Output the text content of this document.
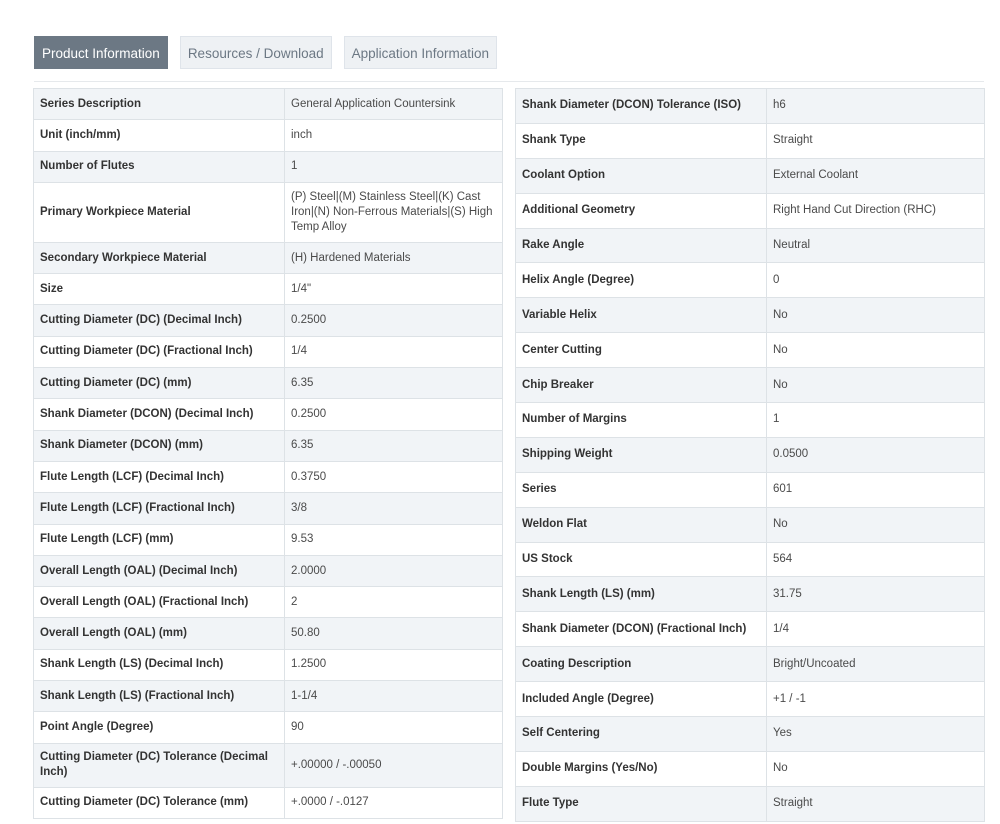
Product Information	Resources / Download	Application Information
Series Description	General Application Countersink
Unit (inch/mm)	inch
Number of Flutes	1
Primary Workpiece Material	(P) Steel|(M) Stainless Steel|(K) Cast Iron|(N) Non-Ferrous Materials|(S) High Temp Alloy
Secondary Workpiece Material	(H) Hardened Materials
Size	1/4"
Cutting Diameter (DC) (Decimal Inch)	0.2500
Cutting Diameter (DC) (Fractional Inch)	1/4
Cutting Diameter (DC) (mm)	6.35
Shank Diameter (DCON) (Decimal Inch)	0.2500
Shank Diameter (DCON) (mm)	6.35
Flute Length (LCF) (Decimal Inch)	0.3750
Flute Length (LCF) (Fractional Inch)	3/8
Flute Length (LCF) (mm)	9.53
Overall Length (OAL) (Decimal Inch)	2.0000
Overall Length (OAL) (Fractional Inch)	2
Overall Length (OAL) (mm)	50.80
Shank Length (LS) (Decimal Inch)	1.2500
Shank Length (LS) (Fractional Inch)	1-1/4
Point Angle (Degree)	90
Cutting Diameter (DC) Tolerance (Decimal Inch)	+.00000 / -.00050
Cutting Diameter (DC) Tolerance (mm)	+.0000 / -.0127
Shank Diameter (DCON) Tolerance (ISO)	h6
Shank Type	Straight
Coolant Option	External Coolant
Additional Geometry	Right Hand Cut Direction (RHC)
Rake Angle	Neutral
Helix Angle (Degree)	0
Variable Helix	No
Center Cutting	No
Chip Breaker	No
Number of Margins	1
Shipping Weight	0.0500
Series	601
Weldon Flat	No
US Stock	564
Shank Length (LS) (mm)	31.75
Shank Diameter (DCON) (Fractional Inch)	1/4
Coating Description	Bright/Uncoated
Included Angle (Degree)	+1 / -1
Self Centering	Yes
Double Margins (Yes/No)	No
Flute Type	Straight
